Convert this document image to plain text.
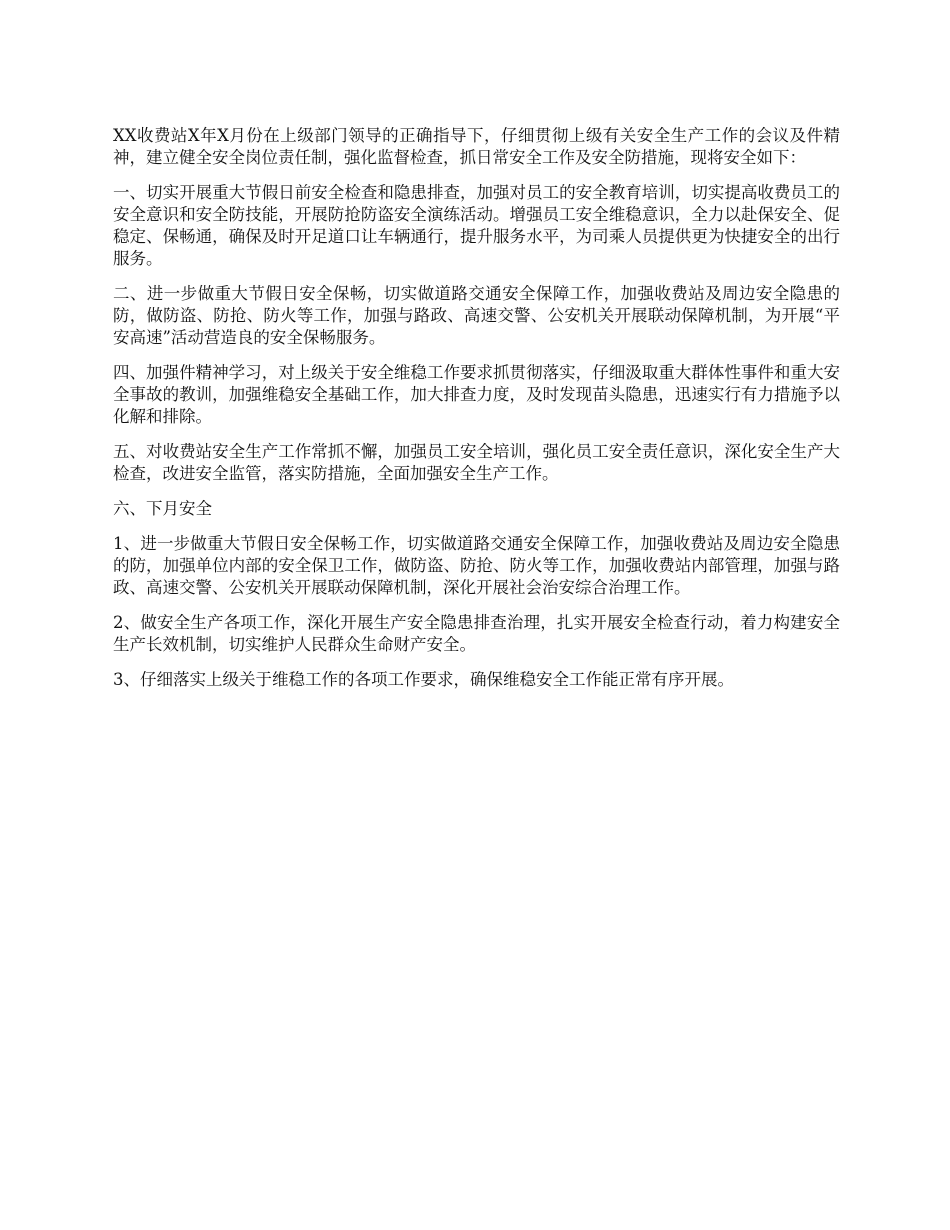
XX收费站X年X月份在上级部门领导的正确指导下，仔细贯彻上级有关安全生产工作的会议及件精神，建立健全安全岗位责任制，强化监督检查，抓日常安全工作及安全防措施，现将安全如下：

一、切实开展重大节假日前安全检查和隐患排查，加强对员工的安全教育培训，切实提高收费员工的安全意识和安全防技能，开展防抢防盗安全演练活动。增强员工安全维稳意识，全力以赴保安全、促稳定、保畅通，确保及时开足道口让车辆通行，提升服务水平，为司乘人员提供更为快捷安全的出行服务。

二、进一步做重大节假日安全保畅，切实做道路交通安全保障工作，加强收费站及周边安全隐患的防，做防盗、防抢、防火等工作，加强与路政、高速交警、公安机关开展联动保障机制，为开展“平安高速”活动营造良的安全保畅服务。

四、加强件精神学习，对上级关于安全维稳工作要求抓贯彻落实，仔细汲取重大群体性事件和重大安全事故的教训，加强维稳安全基础工作，加大排查力度，及时发现苗头隐患，迅速实行有力措施予以化解和排除。

五、对收费站安全生产工作常抓不懈，加强员工安全培训，强化员工安全责任意识，深化安全生产大检查，改进安全监管，落实防措施，全面加强安全生产工作。

六、下月安全

1、进一步做重大节假日安全保畅工作，切实做道路交通安全保障工作，加强收费站及周边安全隐患的防，加强单位内部的安全保卫工作，做防盗、防抢、防火等工作，加强收费站内部管理，加强与路政、高速交警、公安机关开展联动保障机制，深化开展社会治安综合治理工作。

2、做安全生产各项工作，深化开展生产安全隐患排查治理，扎实开展安全检查行动，着力构建安全生产长效机制，切实维护人民群众生命财产安全。

3、仔细落实上级关于维稳工作的各项工作要求，确保维稳安全工作能正常有序开展。
